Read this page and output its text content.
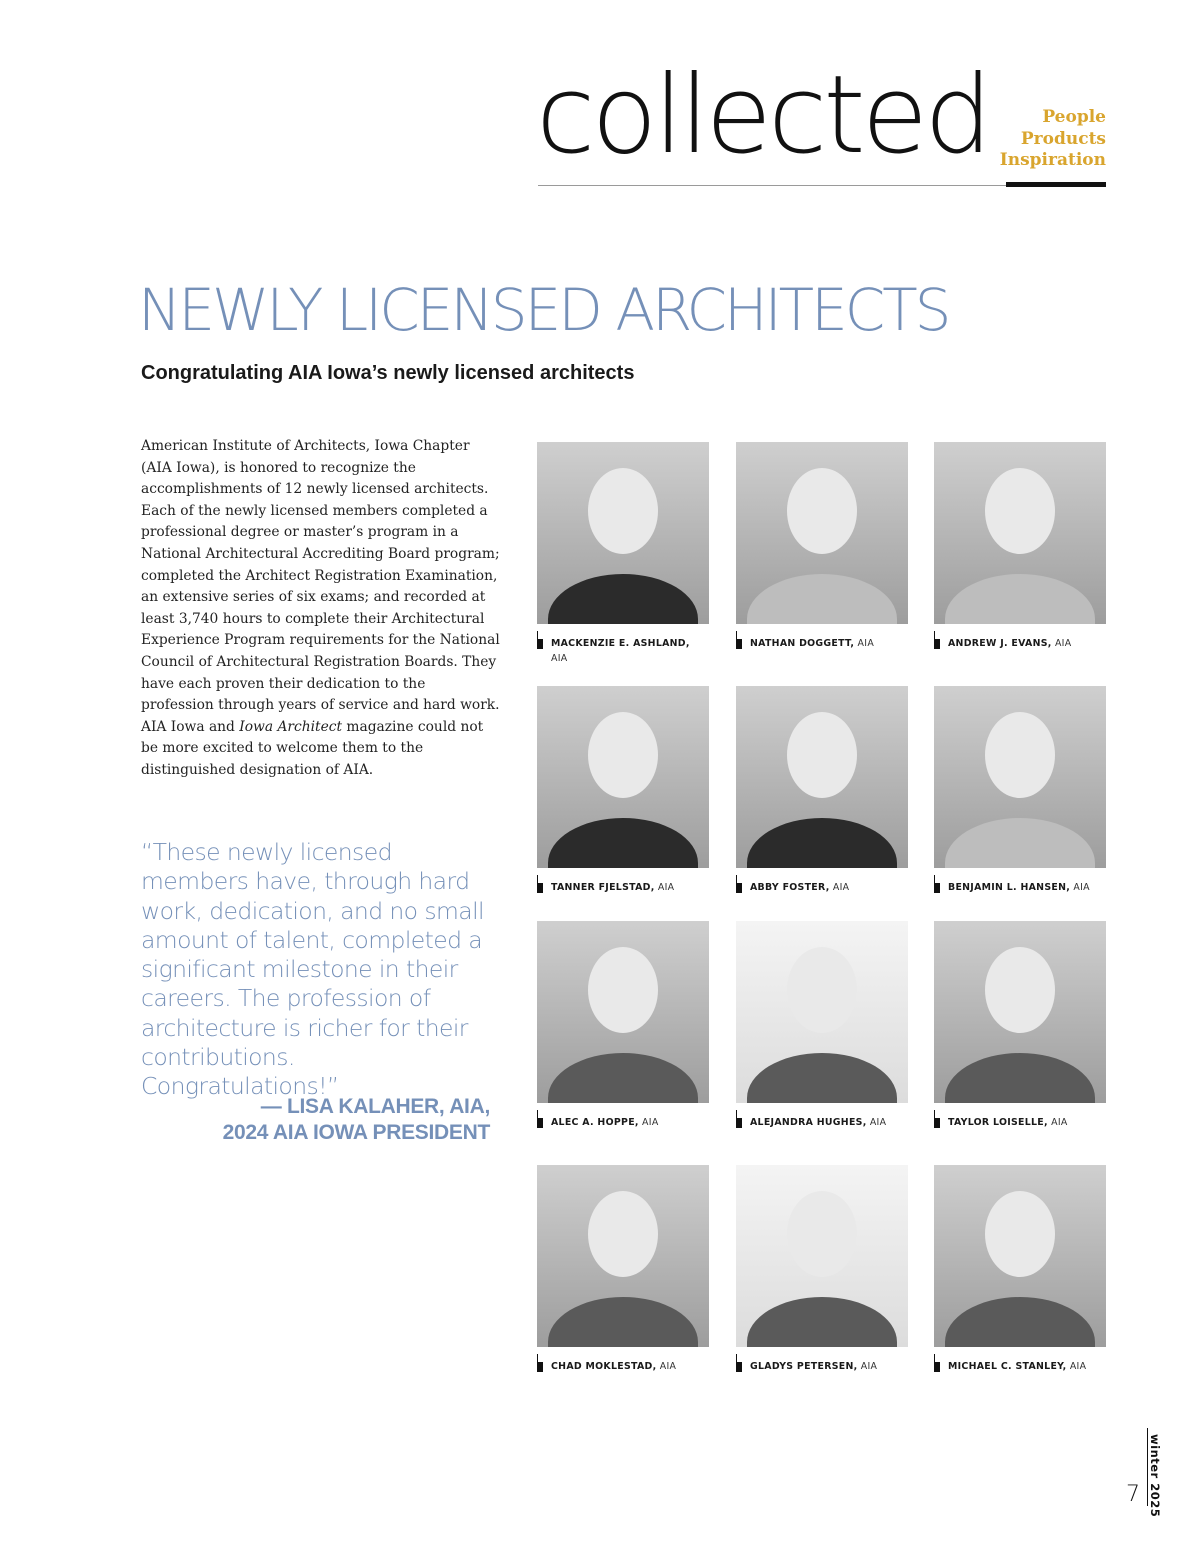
collected	People
Products
Inspiration
NEWLY LICENSED ARCHITECTS
Congratulating AIA Iowa’s newly licensed architects

American Institute of Architects, Iowa Chapter (AIA Iowa), is honored to recognize the accomplishments of 12 newly licensed architects. Each of the newly licensed members completed a professional degree or master’s program in a National Architectural Accrediting Board program; completed the Architect Registration Examination, an extensive series of six exams; and recorded at least 3,740 hours to complete their Architectural Experience Program requirements for the National Council of Architectural Registration Boards. They have each proven their dedication to the profession through years of service and hard work. AIA Iowa and Iowa Architect magazine could not be more excited to welcome them to the distinguished designation of AIA.

“These newly licensed members have, through hard work, dedication, and no small amount of talent, completed a significant milestone in their careers. The profession of architecture is richer for their contributions. Congratulations!”

— LISA KALAHER, AIA,
2024 AIA IOWA PRESIDENT
MACKENZIE E. ASHLAND, AIA
NATHAN DOGGETT, AIA	ANDREW J. EVANS, AIA
TANNER FJELSTAD, AIA	ABBY FOSTER, AIA	BENJAMIN L. HANSEN, AIA
ALEC A. HOPPE, AIA	ALEJANDRA HUGHES, AIA	TAYLOR LOISELLE, AIA
CHAD MOKLESTAD, AIA	GLADYS PETERSEN, AIA	MICHAEL C. STANLEY, AIA
winter 2025
7
